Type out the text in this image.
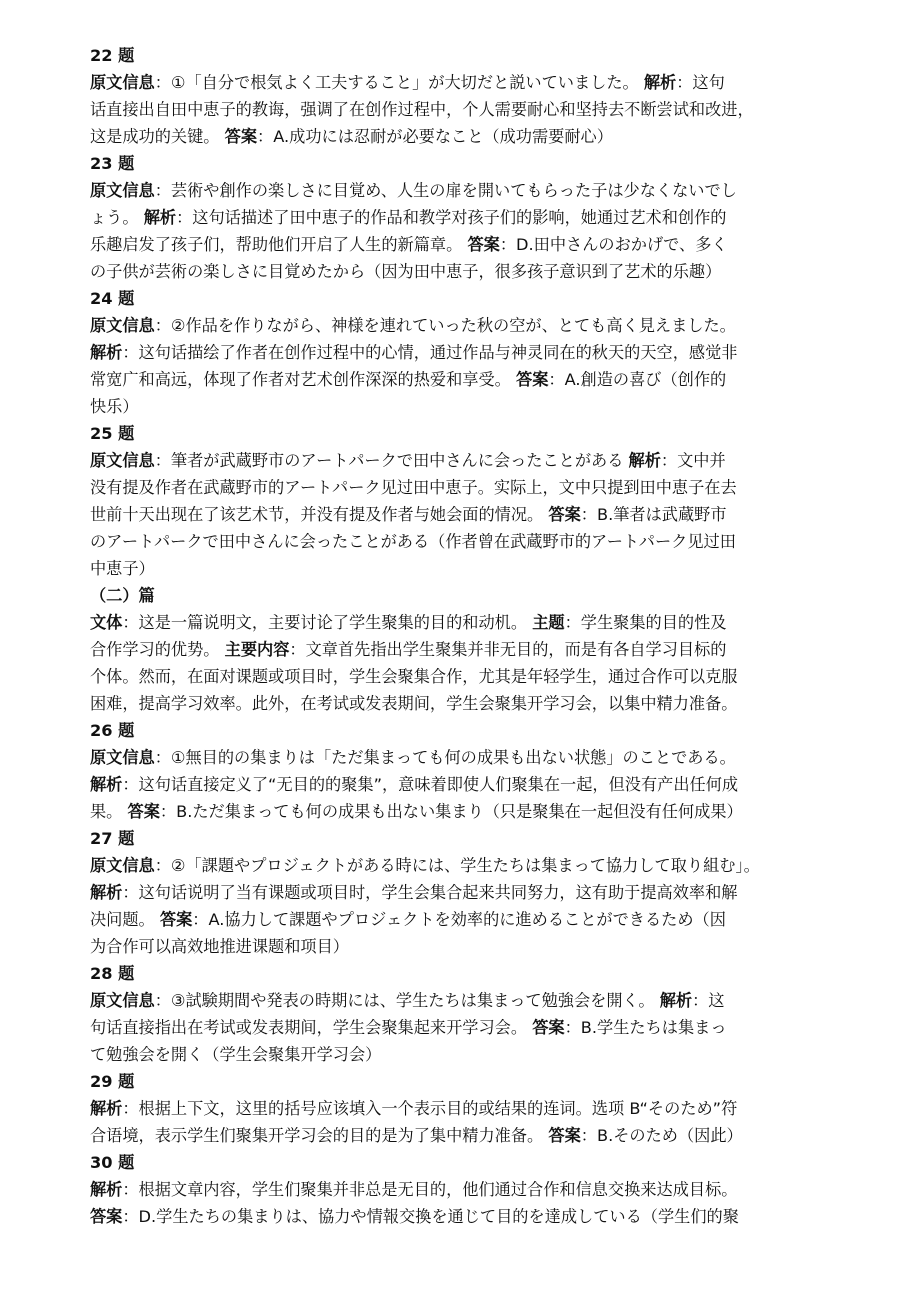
22 题
原文信息：①「自分で根気よく工夫すること」が大切だと説いていました。 解析：这句
话直接出自田中恵子的教诲，强调了在创作过程中，个人需要耐心和坚持去不断尝试和改进，
这是成功的关键。 答案：A.成功には忍耐が必要なこと（成功需要耐心）
23 题
原文信息：芸術や創作の楽しさに目覚め、人生の扉を開いてもらった子は少なくないでし
ょう。 解析：这句话描述了田中恵子的作品和教学对孩子们的影响，她通过艺术和创作的
乐趣启发了孩子们，帮助他们开启了人生的新篇章。 答案：D.田中さんのおかげで、多く
の子供が芸術の楽しさに目覚めたから（因为田中恵子，很多孩子意识到了艺术的乐趣）
24 题
原文信息：②作品を作りながら、神様を連れていった秋の空が、とても高く見えました。
解析：这句话描绘了作者在创作过程中的心情，通过作品与神灵同在的秋天的天空，感觉非
常宽广和高远，体现了作者对艺术创作深深的热爱和享受。 答案：A.創造の喜び（创作的
快乐）
25 题
原文信息：筆者が武蔵野市のアートパークで田中さんに会ったことがある 解析：文中并
没有提及作者在武蔵野市的アートパーク见过田中恵子。实际上，文中只提到田中恵子在去
世前十天出现在了该艺术节，并没有提及作者与她会面的情况。 答案：B.筆者は武蔵野市
のアートパークで田中さんに会ったことがある（作者曾在武蔵野市的アートパーク见过田
中恵子）
（二）篇
文体：这是一篇说明文，主要讨论了学生聚集的目的和动机。 主题：学生聚集的目的性及
合作学习的优势。 主要内容：文章首先指出学生聚集并非无目的，而是有各自学习目标的
个体。然而，在面对课题或项目时，学生会聚集合作，尤其是年轻学生，通过合作可以克服
困难，提高学习效率。此外，在考试或发表期间，学生会聚集开学习会，以集中精力准备。
26 题
原文信息：①無目的の集まりは「ただ集まっても何の成果も出ない状態」のことである。
解析：这句话直接定义了“无目的的聚集”，意味着即使人们聚集在一起，但没有产出任何成
果。 答案：B.ただ集まっても何の成果も出ない集まり（只是聚集在一起但没有任何成果）
27 题
原文信息：②「課題やプロジェクトがある時には、学生たちは集まって協力して取り組む」。
解析：这句话说明了当有课题或项目时，学生会集合起来共同努力，这有助于提高效率和解
决问题。 答案：A.協力して課題やプロジェクトを効率的に進めることができるため（因
为合作可以高效地推进课题和项目）
28 题
原文信息：③試験期間や発表の時期には、学生たちは集まって勉強会を開く。 解析：这
句话直接指出在考试或发表期间，学生会聚集起来开学习会。 答案：B.学生たちは集まっ
て勉強会を開く（学生会聚集开学习会）
29 题
解析：根据上下文，这里的括号应该填入一个表示目的或结果的连词。选项 B“そのため”符
合语境，表示学生们聚集开学习会的目的是为了集中精力准备。 答案：B.そのため（因此）
30 题
解析：根据文章内容，学生们聚集并非总是无目的，他们通过合作和信息交换来达成目标。
答案：D.学生たちの集まりは、協力や情報交換を通じて目的を達成している（学生们的聚
